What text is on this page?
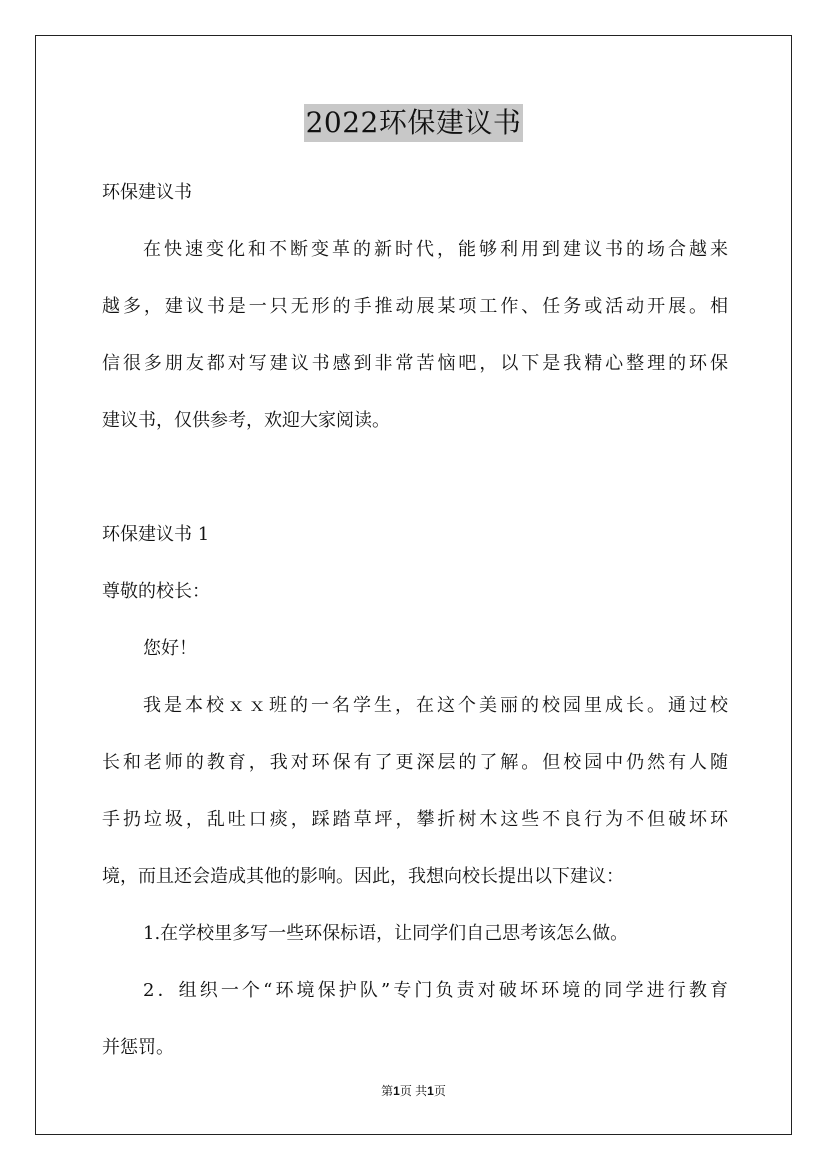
2022环保建议书
环保建议书
在快速变化和不断变革的新时代，能够利用到建议书的场合越来
越多，建议书是一只无形的手推动展某项工作、任务或活动开展。相
信很多朋友都对写建议书感到非常苦恼吧，以下是我精心整理的环保
建议书，仅供参考，欢迎大家阅读。
环保建议书 1
尊敬的校长：
您好！
我是本校ｘｘ班的一名学生，在这个美丽的校园里成长。通过校
长和老师的教育，我对环保有了更深层的了解。但校园中仍然有人随
手扔垃圾，乱吐口痰，踩踏草坪，攀折树木这些不良行为不但破坏环
境，而且还会造成其他的影响。因此，我想向校长提出以下建议：
1.在学校里多写一些环保标语，让同学们自己思考该怎么做。
2．组织一个“环境保护队”专门负责对破坏环境的同学进行教育
并惩罚。
第1页 共1页
